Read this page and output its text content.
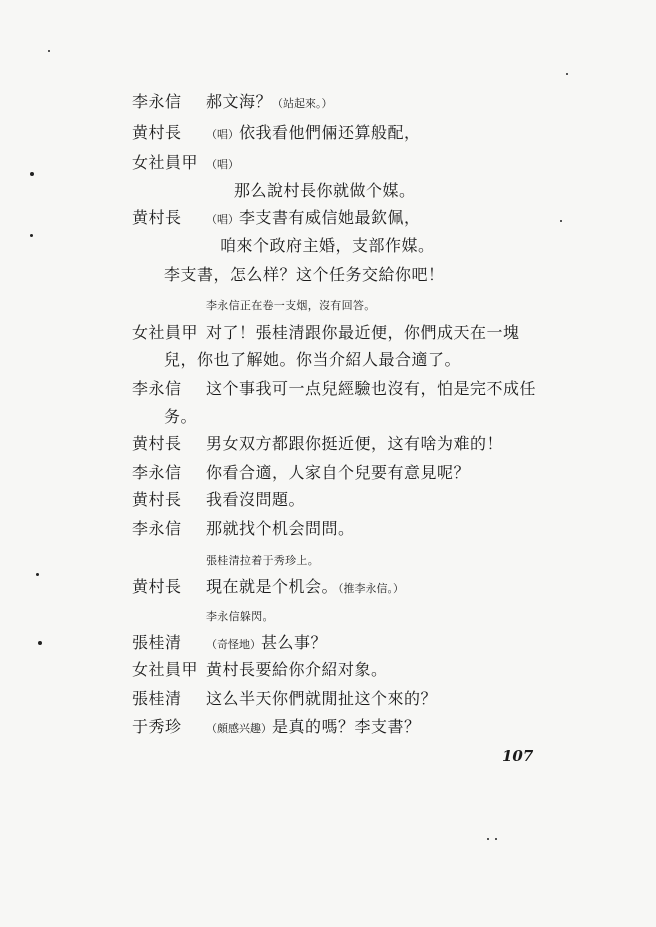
李永信 郝文海？（站起來。）
黄村長 （唱）依我看他們倆还算般配，
女社員甲 （唱）
那么說村長你就做个媒。
黄村長 （唱）李支書有威信她最欽佩，
咱來个政府主婚，支部作媒。
李支書，怎么样？这个任务交給你吧！
李永信正在卷一支烟，沒有回答。
女社員甲 对了！張桂清跟你最近便，你們成天在一塊
兒，你也了解她。你当介紹人最合適了。
李永信 这个事我可一点兒經驗也沒有，怕是完不成任
务。
黄村長 男女双方都跟你挺近便，这有啥为难的！
李永信 你看合適，人家自个兒要有意見呢？
黄村長 我看沒問題。
李永信 那就找个机会問問。
張桂清拉着于秀珍上。
黄村長 現在就是个机会。（推李永信。）
李永信躲閃。
張桂清 （奇怪地）甚么事？
女社員甲 黄村長要給你介紹对象。
張桂清 这么半天你們就閒扯这个來的？
于秀珍 （頗感兴趣）是真的嗎？李支書？
107
